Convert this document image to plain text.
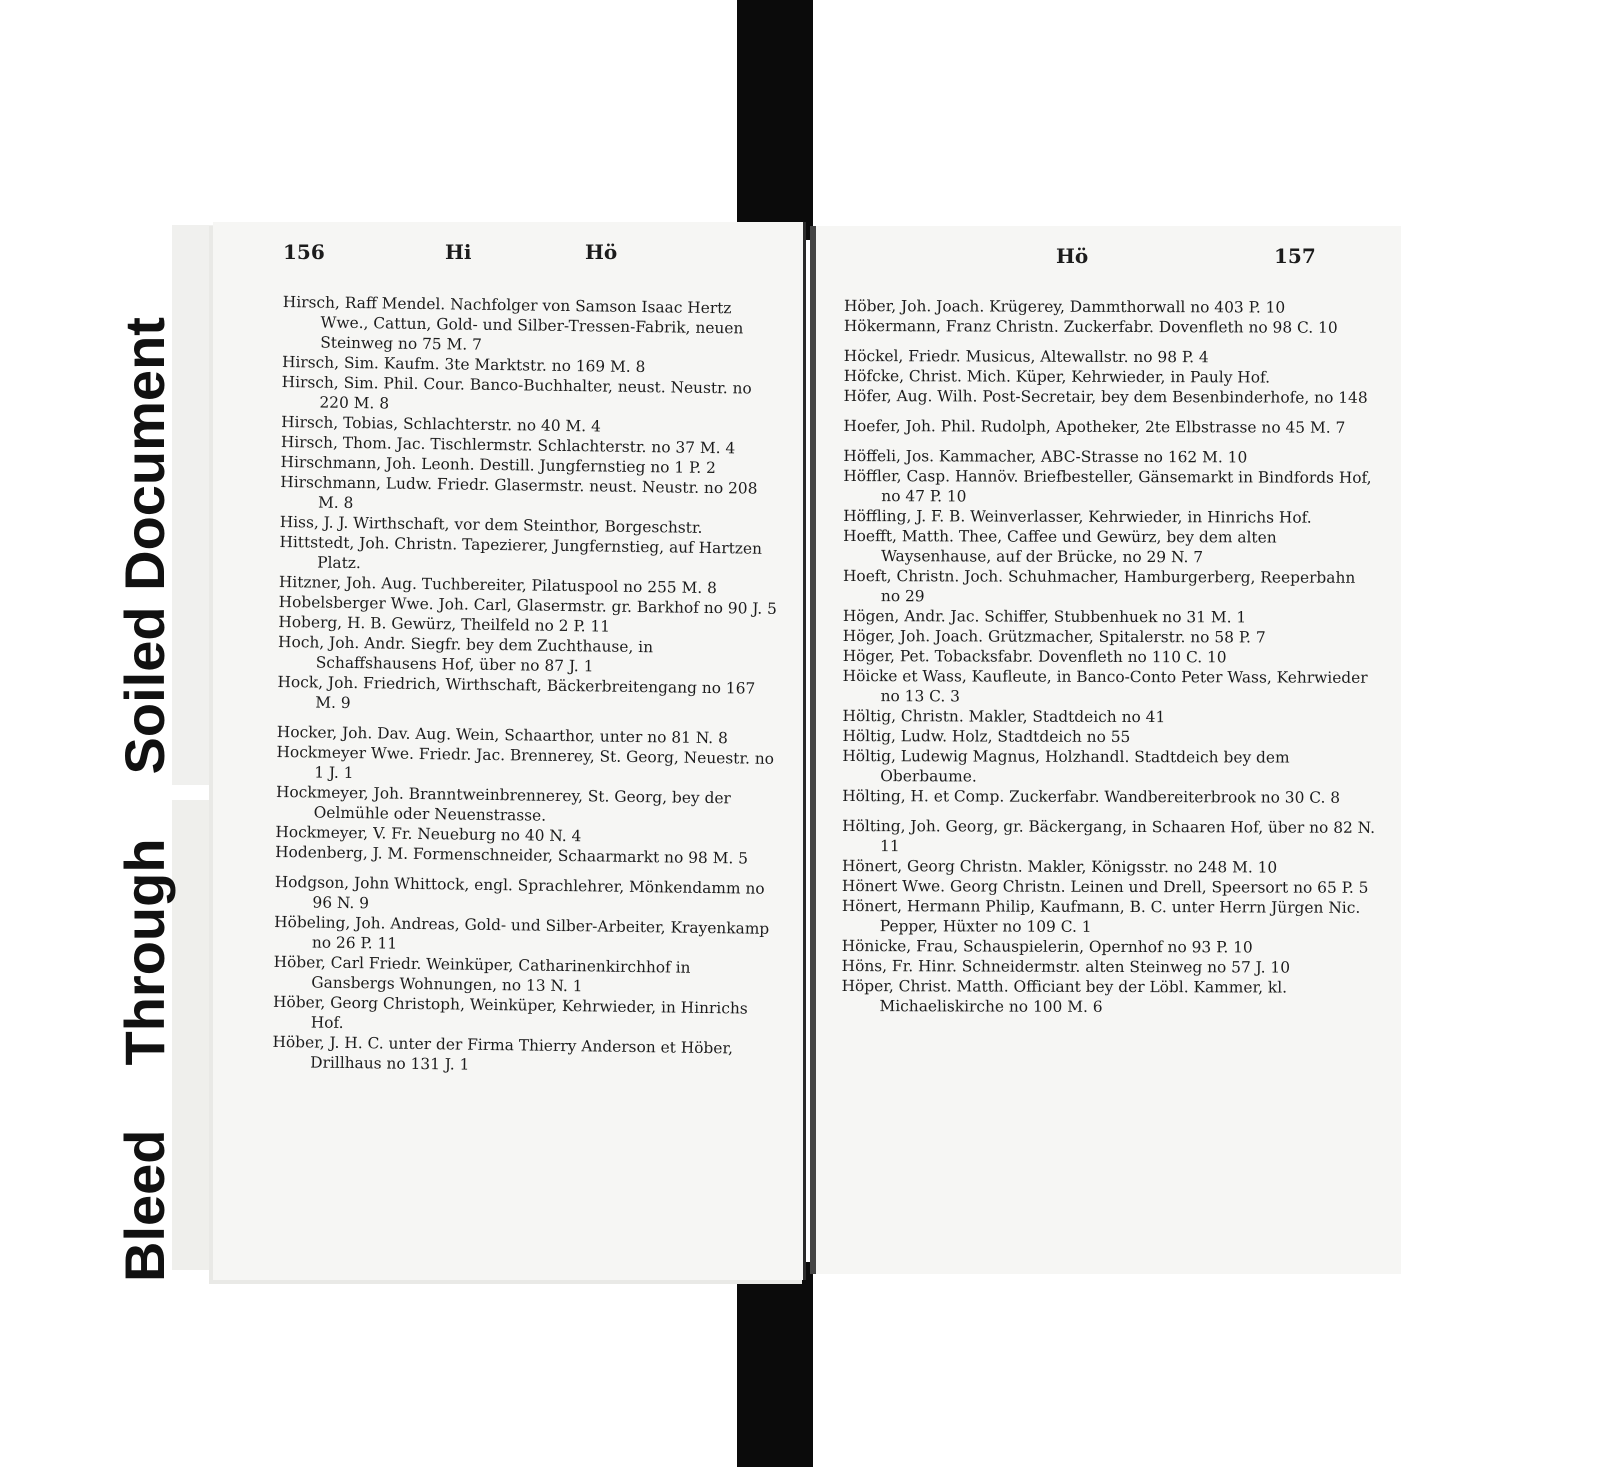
Bleed
Through
Soiled Document
156	Hi	Hö

Hirsch, Raff Mendel. Nachfolger von Samson Isaac Hertz Wwe., Cattun, Gold- und Silber-Tressen-Fabrik, neuen Steinweg no 75 M. 7

Hirsch, Sim. Kaufm. 3te Marktstr. no 169 M. 8

Hirsch, Sim. Phil. Cour. Banco-Buchhalter, neust. Neustr. no 220 M. 8

Hirsch, Tobias, Schlachterstr. no 40 M. 4

Hirsch, Thom. Jac. Tischlermstr. Schlachterstr. no 37 M. 4

Hirschmann, Joh. Leonh. Destill. Jungfernstieg no 1 P. 2

Hirschmann, Ludw. Friedr. Glasermstr. neust. Neustr. no 208 M. 8

Hiss, J. J. Wirthschaft, vor dem Steinthor, Borgeschstr.

Hittstedt, Joh. Christn. Tapezierer, Jungfernstieg, auf Hartzen Platz.

Hitzner, Joh. Aug. Tuchbereiter, Pilatuspool no 255 M. 8

Hobelsberger Wwe. Joh. Carl, Glasermstr. gr. Barkhof no 90 J. 5

Hoberg, H. B. Gewürz, Theilfeld no 2 P. 11

Hoch, Joh. Andr. Siegfr. bey dem Zuchthause, in Schaffshausens Hof, über no 87 J. 1

Hock, Joh. Friedrich, Wirthschaft, Bäckerbreitengang no 167 M. 9

Hocker, Joh. Dav. Aug. Wein, Schaarthor, unter no 81 N. 8

Hockmeyer Wwe. Friedr. Jac. Brennerey, St. Georg, Neuestr. no 1 J. 1

Hockmeyer, Joh. Branntweinbrennerey, St. Georg, bey der Oelmühle oder Neuenstrasse.

Hockmeyer, V. Fr. Neueburg no 40 N. 4

Hodenberg, J. M. Formenschneider, Schaarmarkt no 98 M. 5

Hodgson, John Whittock, engl. Sprachlehrer, Mönkendamm no 96 N. 9

Höbeling, Joh. Andreas, Gold- und Silber-Arbeiter, Krayenkamp no 26 P. 11

Höber, Carl Friedr. Weinküper, Catharinenkirchhof in Gansbergs Wohnungen, no 13 N. 1

Höber, Georg Christoph, Weinküper, Kehrwieder, in Hinrichs Hof.

Höber, J. H. C. unter der Firma Thierry Anderson et Höber, Drillhaus no 131 J. 1

Hö	157

Höber, Joh. Joach. Krügerey, Dammthorwall no 403 P. 10

Hökermann, Franz Christn. Zuckerfabr. Dovenfleth no 98 C. 10

Höckel, Friedr. Musicus, Altewallstr. no 98 P. 4

Höfcke, Christ. Mich. Küper, Kehrwieder, in Pauly Hof.

Höfer, Aug. Wilh. Post-Secretair, bey dem Besenbinderhofe, no 148

Hoefer, Joh. Phil. Rudolph, Apotheker, 2te Elbstrasse no 45 M. 7

Höffeli, Jos. Kammacher, ABC-Strasse no 162 M. 10

Höffler, Casp. Hannöv. Briefbesteller, Gänsemarkt in Bindfords Hof, no 47 P. 10

Höffling, J. F. B. Weinverlasser, Kehrwieder, in Hinrichs Hof.

Hoefft, Matth. Thee, Caffee und Gewürz, bey dem alten Waysenhause, auf der Brücke, no 29 N. 7

Hoeft, Christn. Joch. Schuhmacher, Hamburgerberg, Reeperbahn no 29

Högen, Andr. Jac. Schiffer, Stubbenhuek no 31 M. 1

Höger, Joh. Joach. Grützmacher, Spitalerstr. no 58 P. 7

Höger, Pet. Tobacksfabr. Dovenfleth no 110 C. 10

Höicke et Wass, Kaufleute, in Banco-Conto Peter Wass, Kehrwieder no 13 C. 3

Höltig, Christn. Makler, Stadtdeich no 41

Höltig, Ludw. Holz, Stadtdeich no 55

Höltig, Ludewig Magnus, Holzhandl. Stadtdeich bey dem Oberbaume.

Hölting, H. et Comp. Zuckerfabr. Wandbereiterbrook no 30 C. 8

Hölting, Joh. Georg, gr. Bäckergang, in Schaaren Hof, über no 82 N. 11

Hönert, Georg Christn. Makler, Königsstr. no 248 M. 10

Hönert Wwe. Georg Christn. Leinen und Drell, Speersort no 65 P. 5

Hönert, Hermann Philip, Kaufmann, B. C. unter Herrn Jürgen Nic. Pepper, Hüxter no 109 C. 1

Hönicke, Frau, Schauspielerin, Opernhof no 93 P. 10

Höns, Fr. Hinr. Schneidermstr. alten Steinweg no 57 J. 10

Höper, Christ. Matth. Officiant bey der Löbl. Kammer, kl. Michaeliskirche no 100 M. 6
